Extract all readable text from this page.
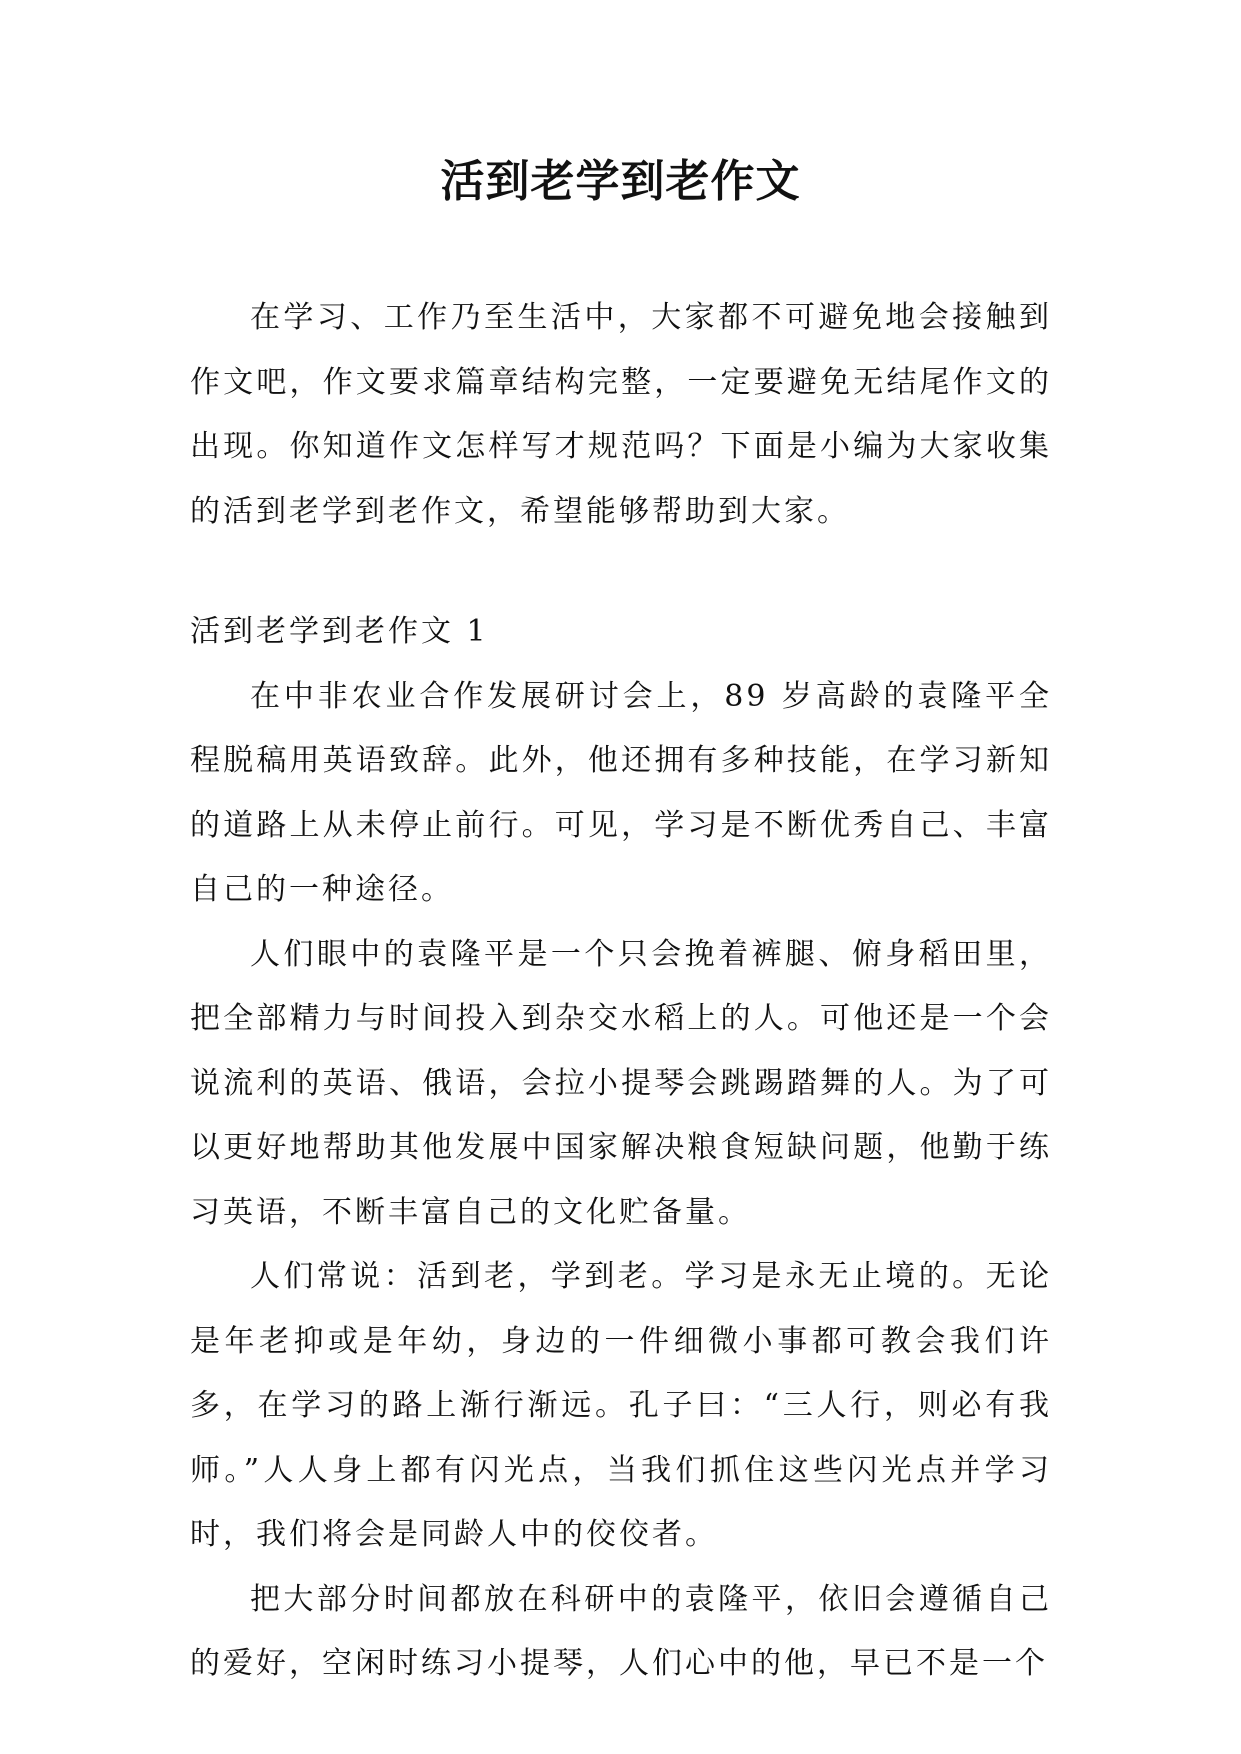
活到老学到老作文

在学习、工作乃至生活中，大家都不可避免地会接触到作文吧，作文要求篇章结构完整，一定要避免无结尾作文的出现。你知道作文怎样写才规范吗？下面是小编为大家收集的活到老学到老作文，希望能够帮助到大家。

活到老学到老作文 1

在中非农业合作发展研讨会上，89 岁高龄的袁隆平全程脱稿用英语致辞。此外，他还拥有多种技能，在学习新知的道路上从未停止前行。可见，学习是不断优秀自己、丰富自己的一种途径。

人们眼中的袁隆平是一个只会挽着裤腿、俯身稻田里，把全部精力与时间投入到杂交水稻上的人。可他还是一个会说流利的英语、俄语，会拉小提琴会跳踢踏舞的人。为了可以更好地帮助其他发展中国家解决粮食短缺问题，他勤于练习英语，不断丰富自己的文化贮备量。

人们常说：活到老，学到老。学习是永无止境的。无论是年老抑或是年幼，身边的一件细微小事都可教会我们许多，在学习的路上渐行渐远。孔子曰：“三人行，则必有我师。”人人身上都有闪光点，当我们抓住这些闪光点并学习时，我们将会是同龄人中的佼佼者。

把大部分时间都放在科研中的袁隆平，依旧会遵循自己的爱好，空闲时练习小提琴，人们心中的他，早已不是一个
